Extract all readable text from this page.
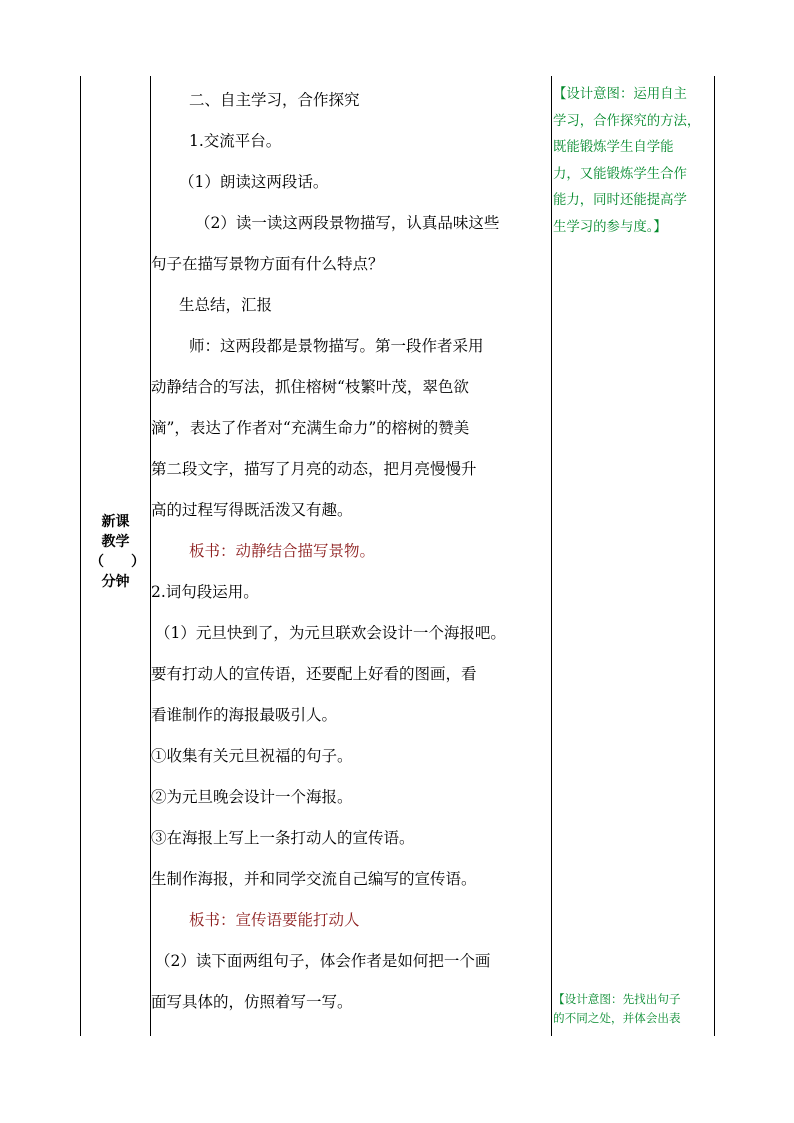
新课
教学
（ ）
分钟

二、自主学习，合作探究

1.交流平台。

（1）朗读这两段话。

（2）读一读这两段景物描写，认真品味这些

句子在描写景物方面有什么特点？

生总结，汇报

师：这两段都是景物描写。第一段作者采用

动静结合的写法，抓住榕树“枝繁叶茂，翠色欲

滴”，表达了作者对“充满生命力”的榕树的赞美

第二段文字，描写了月亮的动态，把月亮慢慢升

高的过程写得既活泼又有趣。

板书：动静结合描写景物。

2.词句段运用。

（1）元旦快到了，为元旦联欢会设计一个海报吧。

要有打动人的宣传语，还要配上好看的图画，看

看谁制作的海报最吸引人。

①收集有关元旦祝福的句子。

②为元旦晚会设计一个海报。

③在海报上写上一条打动人的宣传语。

生制作海报，并和同学交流自己编写的宣传语。

板书：宣传语要能打动人

（2）读下面两组句子，体会作者是如何把一个画

面写具体的，仿照着写一写。

【设计意图：运用自主

学习，合作探究的方法，

既能锻炼学生自学能

力，又能锻炼学生合作

能力，同时还能提高学

生学习的参与度。】

【设计意图：先找出句子

的不同之处，并体会出表
